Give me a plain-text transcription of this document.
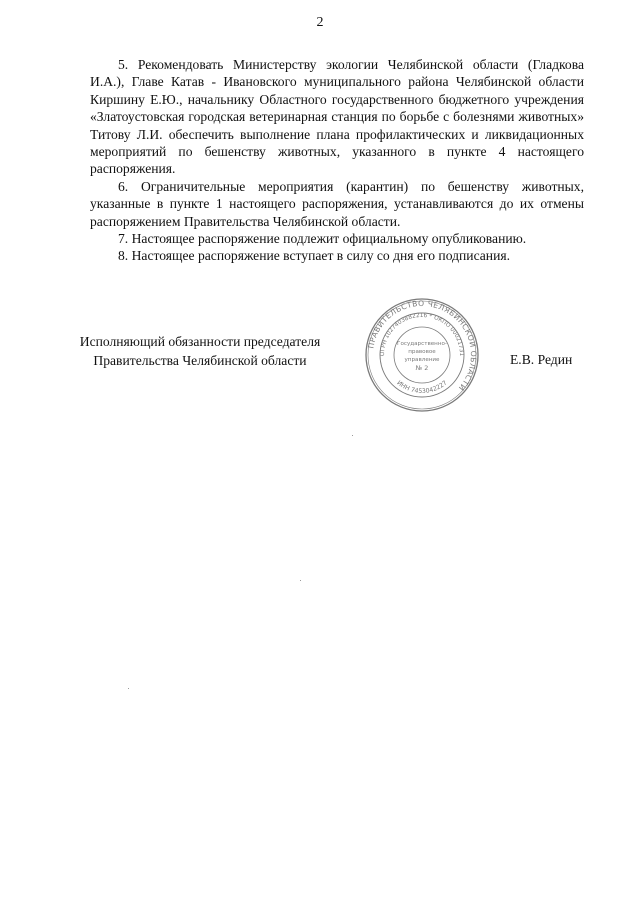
2

5. Рекомендовать Министерству экологии Челябинской области (Гладкова И.А.), Главе Катав - Ивановского муниципального района Челябинской области Киршину Е.Ю., начальнику Областного государственного бюджетного учреждения «Златоустовская городская ветеринарная станция по борьбе с болезнями животных» Титову Л.И. обеспечить выполнение плана профилактических и ликвидационных мероприятий по бешенству животных, указанного в пункте 4 настоящего распоряжения.

6. Ограничительные мероприятия (карантин) по бешенству животных, указанные в пункте 1 настоящего распоряжения, устанавливаются до их отмены распоряжением Правительства Челябинской области.

7. Настоящее распоряжение подлежит официальному опубликованию.

8. Настоящее распоряжение вступает в силу со дня его подписания.

Исполняющий обязанности председателя
Правительства Челябинской области
ПРАВИТЕЛЬСТВО ЧЕЛЯБИНСКОЙ ОБЛАСТИ
ОГРН 1027403882216 * ОКПО 00021731
ИНН 7453042227
Государственно-
правовое
управление
№ 2
Е.В. Редин
